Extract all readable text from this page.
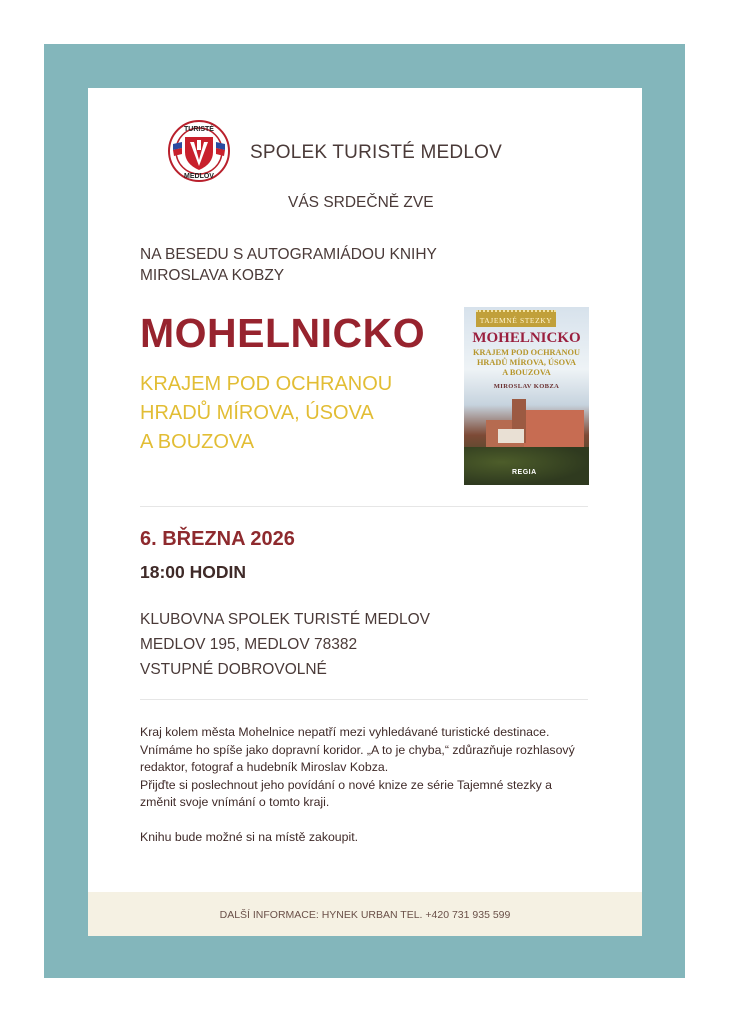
TURISTÉ
MEDLOV
SPOLEK TURISTÉ MEDLOV
VÁS SRDEČNĚ ZVE
NA BESEDU S AUTOGRAMIÁDOU KNIHY
MIROSLAVA KOBZY
MOHELNICKO
KRAJEM POD OCHRANOU
HRADŮ MÍROVA, ÚSOVA
A BOUZOVA
TAJEMNÉ STEZKY
MOHELNICKO
KRAJEM POD OCHRANOU
HRADŮ MÍROVA, ÚSOVA
A BOUZOVA
MIROSLAV KOBZA
REGIA
6. BŘEZNA 2026
18:00 HODIN
KLUBOVNA SPOLEK TURISTÉ MEDLOV
MEDLOV 195, MEDLOV 78382
VSTUPNÉ DOBROVOLNÉ

Kraj kolem města Mohelnice nepatří mezi vyhledávané turistické destinace. Vnímáme ho spíše jako dopravní koridor. „A to je chyba,“ zdůrazňuje rozhlasový redaktor, fotograf a hudebník Miroslav Kobza.

Přijďte si poslechnout jeho povídání o nové knize ze série Tajemné stezky a změnit svoje vnímání o tomto kraji.

Knihu bude možné si na místě zakoupit.

DALŠÍ INFORMACE: HYNEK URBAN TEL. +420 731 935 599
